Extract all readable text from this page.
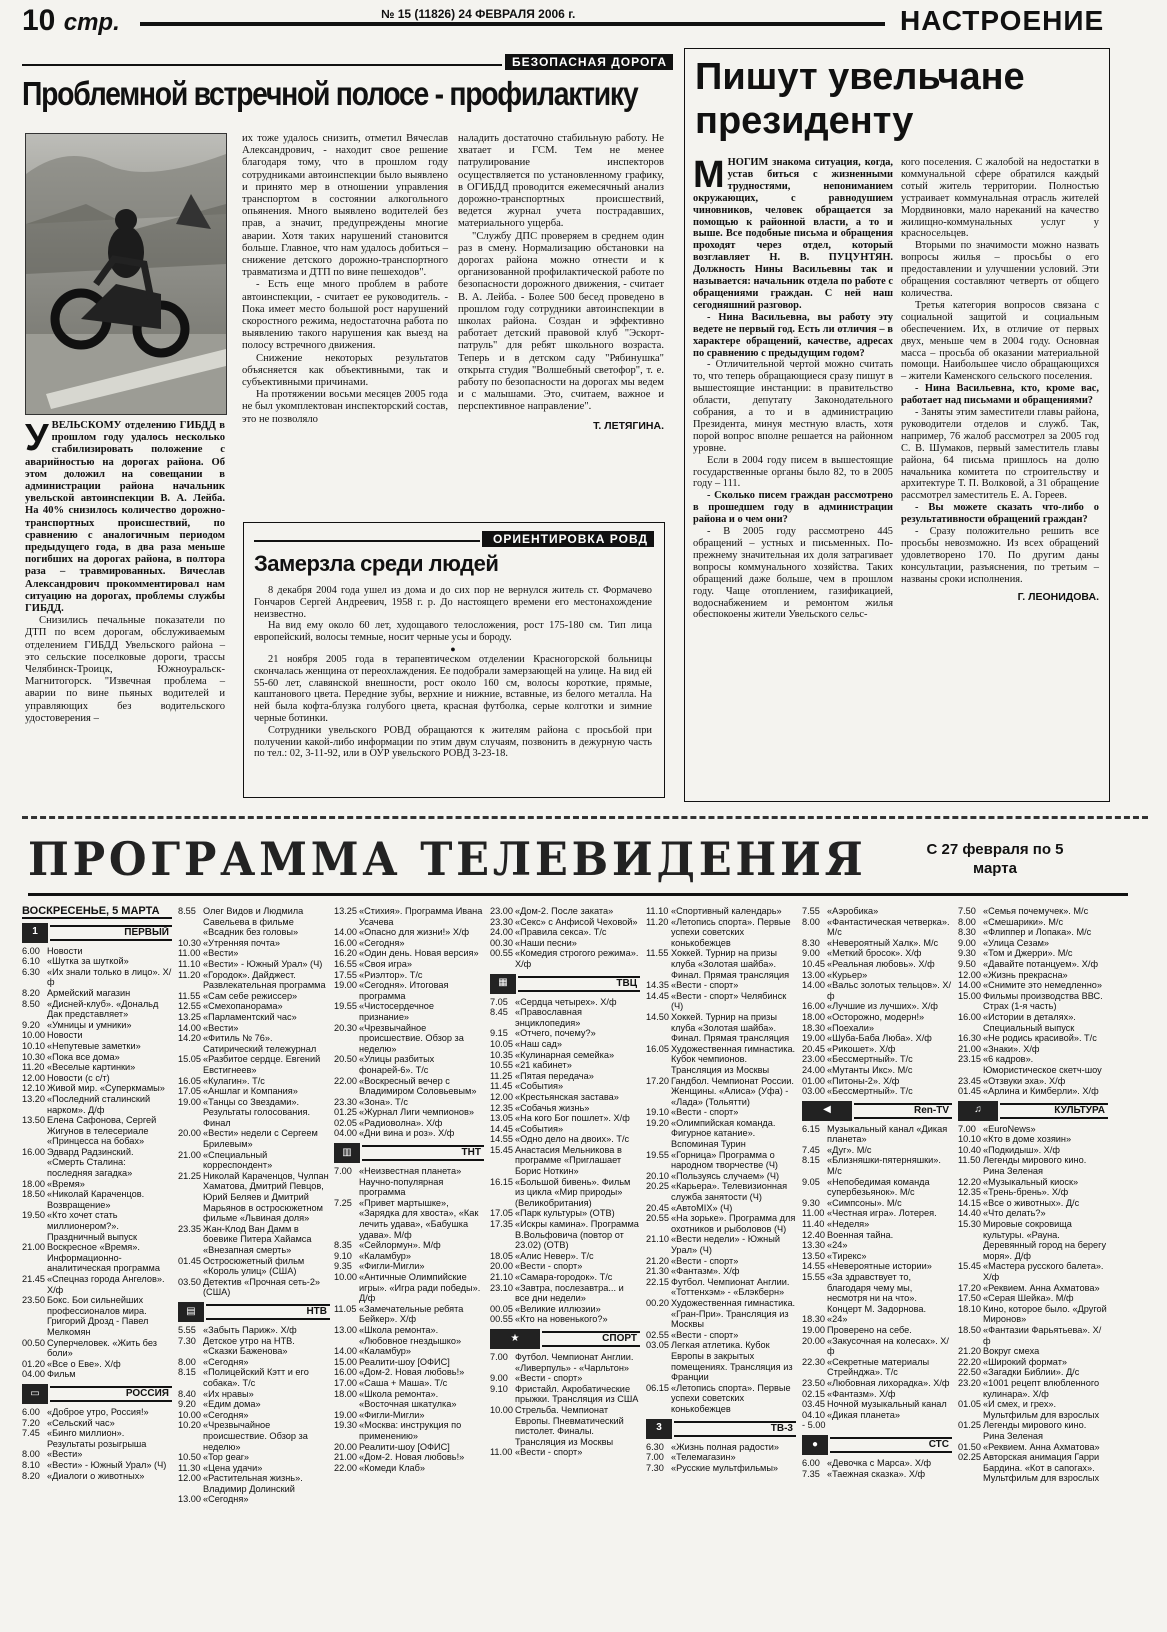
10 стр.	№ 15 (11826) 24 ФЕВРАЛЯ 2006 г.	НАСТРОЕНИЕ
БЕЗОПАСНАЯ ДОРОГА
Проблемной встречной полосе - профилактику

УВЕЛЬСКОМУ отделению ГИБДД в прошлом году удалось несколько стабилизировать положение с аварийностью на дорогах района. Об этом доложил на совещании в администрации района начальник увельской автоинспекции В. А. Лейба. На 40% снизилось количество дорожно-транспортных происшествий, по сравнению с аналогичным периодом предыдущего года, в два раза меньше погибших на дорогах района, в полтора раза – травмированных. Вячеслав Александрович прокомментировал нам ситуацию на дорогах, проблемы службы ГИБДД.

Снизились печальные показатели по ДТП по всем дорогам, обслуживаемым отделением ГИБДД Увельского района – это сельские поселковые дороги, трассы Челябинск-Троицк, Южноуральск-Магнитогорск. "Извечная проблема – аварии по вине пьяных водителей и управляющих без водительского удостоверения –

их тоже удалось снизить, отметил Вячеслав Александрович, - находит свое решение благодаря тому, что в прошлом году сотрудниками автоинспекции было выявлено и принято мер в отношении управления транспортом в состоянии алкогольного опьянения. Много выявлено водителей без прав, а значит, предупреждены многие аварии. Хотя таких нарушений становится больше. Главное, что нам удалось добиться – снижение детского дорожно-транспортного травматизма и ДТП по вине пешеходов".

- Есть еще много проблем в работе автоинспекции, - считает ее руководитель. - Пока имеет место большой рост нарушений скоростного режима, недостаточна работа по выявлению такого нарушения как выезд на полосу встречного движения.

Снижение некоторых результатов объясняется как объективными, так и субъективными причинами.

На протяжении восьми месяцев 2005 года не был укомплектован инспекторский состав, это не позволяло

наладить достаточно стабильную работу. Не хватает и ГСМ. Тем не менее патрулирование инспекторов осуществляется по установленному графику, в ОГИБДД проводится ежемесячный анализ дорожно-транспортных происшествий, ведется журнал учета пострадавших, материального ущерба.

"Службу ДПС проверяем в среднем один раз в смену. Нормализацию обстановки на дорогах района можно отнести и к организованной профилактической работе по безопасности дорожного движения, - считает В. А. Лейба. - Более 500 бесед проведено в прошлом году сотрудники автоинспекции в школах района. Создан и эффективно работает детский правовой клуб "Эскорт-патруль" для ребят школьного возраста. Теперь и в детском саду "Рябинушка" открыта студия "Волшебный светофор", т. е. работу по безопасности на дорогах мы ведем и с малышами. Это, считаем, важное и перспективное направление".

Т. ЛЕТЯГИНА.
ОРИЕНТИРОВКА РОВД
Замерзла среди людей

8 декабря 2004 года ушел из дома и до сих пор не вернулся житель ст. Формачево Гончаров Сергей Андреевич, 1958 г. р. До настоящего времени его местонахождение неизвестно.

На вид ему около 60 лет, худощавого телосложения, рост 175-180 см. Тип лица европейский, волосы темные, носит черные усы и бороду.

●

21 ноября 2005 года в терапевтическом отделении Красногорской больницы скончалась женщина от переохлаждения. Ее подобрали замерзающей на улице. На вид ей 55-60 лет, славянской внешности, рост около 160 см, волосы короткие, прямые, каштанового цвета. Передние зубы, верхние и нижние, вставные, из белого металла. На ней была кофта-блузка голубого цвета, красная футболка, серые колготки и зимние черные ботинки.

Сотрудники увельского РОВД обращаются к жителям района с просьбой при получении какой-либо информации по этим двум случаям, позвонить в дежурную часть по тел.: 02, 3-11-92, или в ОУР увельского РОВД 3-23-18.

Пишут увельчане
президенту

МНОГИМ знакома ситуация, когда, устав биться с жизненными трудностями, непониманием окружающих, с равнодушием чиновников, человек обращается за помощью к районной власти, а то и выше. Все подобные письма и обращения проходят через отдел, который возглавляет Н. В. ПУЦУНТЯН. Должность Нины Васильевны так и называется: начальник отдела по работе с обращениями граждан. С ней наш сегодняшний разговор.

- Нина Васильевна, вы работу эту ведете не первый год. Есть ли отличия – в характере обращений, качестве, адресах по сравнению с предыдущим годом?

- Отличительной чертой можно считать то, что теперь обращающиеся сразу пишут в вышестоящие инстанции: в правительство области, депутату Законодательного собрания, а то и в администрацию Президента, минуя местную власть, хотя порой вопрос вполне решается на районном уровне.

Если в 2004 году писем в вышестоящие государственные органы было 82, то в 2005 году – 111.

- Сколько писем граждан рассмотрено в прошедшем году в администрации района и о чем они?

- В 2005 году рассмотрено 445 обращений – устных и письменных. По-прежнему значительная их доля затрагивает вопросы коммунального хозяйства. Таких обращений даже больше, чем в прошлом году. Чаще отоплением, газификацией, водоснабжением и ремонтом жилья обеспокоены жители Увельского сельс-

кого поселения. С жалобой на недостатки в коммунальной сфере обратился каждый сотый житель территории. Полностью устраивает коммунальная отрасль жителей Мордвиновки, мало нареканий на качество жилищно-коммунальных услуг у красносельцев.

Вторыми по значимости можно назвать вопросы жилья – просьбы о его предоставлении и улучшении условий. Эти обращения составляют четверть от общего количества.

Третья категория вопросов связана с социальной защитой и социальным обеспечением. Их, в отличие от первых двух, меньше чем в 2004 году. Основная масса – просьба об оказании материальной помощи. Наибольшее число обращающихся – жители Каменского сельского поселения.

- Нина Васильевна, кто, кроме вас, работает над письмами и обращениями?

- Заняты этим заместители главы района, руководители отделов и служб. Так, например, 76 жалоб рассмотрел за 2005 год С. В. Шумаков, первый заместитель главы района, 64 письма пришлось на долю начальника комитета по строительству и архитектуре Т. П. Волковой, а 31 обращение рассмотрел заместитель Е. А. Гореев.

- Вы можете сказать что-либо о результативности обращений граждан?

- Сразу положительно решить все просьбы невозможно. Из всех обращений удовлетворено 170. По другим даны консультации, разъяснения, по третьим – названы сроки исполнения.

Г. ЛЕОНИДОВА.
ПРОГРАММА ТЕЛЕВИДЕНИЯ	С 27 февраля по 5 марта
ВОСКРЕСЕНЬЕ, 5 МАРТА
1	ПЕРВЫЙ
6.00 Новости
6.10 «Шутка за шуткой»
6.30 «Их знали только в лицо». Х/ф
8.20 Армейский магазин
8.50 «Дисней-клуб». «Дональд Дак представляет»
9.20 «Умницы и умники»
10.00 Новости
10.10 «Непутевые заметки»
10.30 «Пока все дома»
11.20 «Веселые картинки»
12.00 Новости (с с/т)
12.10 Живой мир. «Суперкмамы»
13.20 «Последний сталинский нарком». Д/ф
13.50 Елена Сафонова, Сергей Жигунов в телесериале «Принцесса на бобах»
16.00 Эдвард Радзинский. «Смерть Сталина: последняя загадка»
18.00 «Время»
18.50 «Николай Караченцов. Возвращение»
19.50 «Кто хочет стать миллионером?». Праздничный выпуск
21.00 Воскресное «Время». Информационно-аналитическая программа
21.45 «Спецназ города Ангелов». Х/ф
23.50 Бокс. Бои сильнейших профессионалов мира. Григорий Дрозд - Павел Мелкомян
00.50 Суперчеловек. «Жить без боли»
01.20 «Все о Еве». Х/ф
04.00 Фильм
▭	РОССИЯ
6.00 «Доброе утро, Россия!»
7.20 «Сельский час»
7.45 «Бинго миллион». Результаты розыгрыша
8.00 «Вести»
8.10 «Вести» - Южный Урал» (Ч)
8.20 «Диалоги о животных»
8.55 Олег Видов и Людмила Савельева в фильме «Всадник без головы»
10.30 «Утренняя почта»
11.00 «Вести»
11.10 «Вести» - Южный Урал» (Ч)
11.20 «Городок». Дайджест. Развлекательная программа
11.55 «Сам себе режиссер»
12.55 «Смехопанорама»
13.25 «Парламентский час»
14.00 «Вести»
14.20 «Фитиль № 76». Сатирический тележурнал
15.05 «Разбитое сердце. Евгений Евстигнеев»
16.05 «Кулагин». Т/с
17.05 «Аншлаг и Компания»
19.00 «Танцы со Звездами». Результаты голосования. Финал
20.00 «Вести» недели с Сергеем Брилевым»
21.00 «Специальный корреспондент»
21.25 Николай Караченцов, Чулпан Хаматова, Дмитрий Певцов, Юрий Беляев и Дмитрий Марьянов в остросюжетном фильме «Львиная доля»
23.35 Жан-Клод Ван Дамм в боевике Питера Хайамса «Внезапная смерть»
01.45 Остросюжетный фильм «Король улиц» (США)
03.50 Детектив «Прочная сеть-2» (США)
▤	НТВ
5.55 «Забыть Париж». Х/ф
7.30 Детское утро на НТВ. «Сказки Баженова»
8.00 «Сегодня»
8.15 «Полицейский Кэтт и его собака». Т/с
8.40 «Их нравы»
9.20 «Едим дома»
10.00 «Сегодня»
10.20 «Чрезвычайное происшествие. Обзор за неделю»
10.50 «Top gear»
11.30 «Цена удачи»
12.00 «Растительная жизнь». Владимир Долинский
13.00 «Сегодня»
13.25 «Стихия». Программа Ивана Усачева
14.00 «Опасно для жизни!» Х/ф
16.00 «Сегодня»
16.20 «Один день. Новая версия»
16.55 «Своя игра»
17.55 «Риэлтор». Т/с
19.00 «Сегодня». Итоговая программа
19.55 «Чистосердечное признание»
20.30 «Чрезвычайное происшествие. Обзор за неделю»
20.50 «Улицы разбитых фонарей-6». Т/с
22.00 «Воскресный вечер с Владимиром Соловьевым»
23.30 «Зона». Т/с
01.25 «Журнал Лиги чемпионов»
02.05 «Радиоволна». Х/ф
04.00 «Дни вина и роз». Х/ф
▥	ТНТ
7.00 «Неизвестная планета» Научно-популярная программа
7.25 «Привет мартышке», «Зарядка для хвоста», «Как лечить удава», «Бабушка удава». М/ф
8.35 «Сейлормун». М/ф
9.10 «Каламбур»
9.35 «Фигли-Мигли»
10.00 «Античные Олимпийские игры». «Игра ради победы». Д/ф
11.05 «Замечательные ребята Бейкер». Х/ф
13.00 «Школа ремонта». «Любовное гнездышко»
14.00 «Каламбур»
15.00 Реалити-шоу [ОФИС]
16.00 «Дом-2. Новая любовь!»
17.00 «Саша + Маша». Т/с
18.00 «Школа ремонта». «Восточная шкатулка»
19.00 «Фигли-Мигли»
19.30 «Москва: инструкция по применению»
20.00 Реалити-шоу [ОФИС]
21.00 «Дом-2. Новая любовь!»
22.00 «Комеди Клаб»
23.00 «Дом-2. После заката»
23.30 «Секс» с Анфисой Чеховой»
24.00 «Правила секса». Т/с
00.30 «Наши песни»
00.55 «Комедия строгого режима». Х/ф
▦	ТВЦ
7.05 «Сердца четырех». Х/ф
8.45 «Православная энциклопедия»
9.15 «Отчего, почему?»
10.05 «Наш сад»
10.35 «Кулинарная семейка»
10.55 «21 кабинет»
11.25 «Пятая передача»
11.45 «События»
12.00 «Крестьянская застава»
12.35 «Собачья жизнь»
13.05 «На кого Бог пошлет». Х/ф
14.45 «События»
14.55 «Одно дело на двоих». Т/с
15.45 Анастасия Мельникова в программе «Приглашает Борис Ноткин»
16.15 «Большой бивень». Фильм из цикла «Мир природы» (Великобритания)
17.05 «Парк культуры» (ОТВ)
17.35 «Искры камина». Программа В.Вольфовича (повтор от 23.02) (ОТВ)
18.05 «Алис Невер». Т/с
20.00 «Вести - спорт»
21.10 «Самара-городок». Т/с
23.10 «Завтра, послезавтра... и все дни недели»
00.05 «Великие иллюзии»
00.55 «Кто на новенького?»
★	СПОРТ
7.00 Футбол. Чемпионат Англии. «Ливерпуль» - «Чарльтон»
9.00 «Вести - спорт»
9.10 Фристайл. Акробатические прыжки. Трансляция из США
10.00 Стрельба. Чемпионат Европы. Пневматический пистолет. Финалы. Трансляция из Москвы
11.00 «Вести - спорт»
11.10 «Спортивный календарь»
11.20 «Летопись спорта». Первые успехи советских конькобежцев
11.55 Хоккей. Турнир на призы клуба «Золотая шайба». Финал. Прямая трансляция
14.35 «Вести - спорт»
14.45 «Вести - спорт» Челябинск (Ч)
14.50 Хоккей. Турнир на призы клуба «Золотая шайба». Финал. Прямая трансляция
16.05 Художественная гимнастика. Кубок чемпионов. Трансляция из Москвы
17.20 Гандбол. Чемпионат России. Женщины. «Алиса» (Уфа) - «Лада» (Тольятти)
19.10 «Вести - спорт»
19.20 «Олимпийская команда. Фигурное катание». Вспоминая Турин
19.55 «Горница» Программа о народном творчестве (Ч)
20.10 «Пользуясь случаем» (Ч)
20.25 «Карьера». Телевизионная служба занятости (Ч)
20.45 «АвтоMIX» (Ч)
20.55 «На зорьке». Программа для охотников и рыболовов (Ч)
21.10 «Вести недели» - Южный Урал» (Ч)
21.20 «Вести - спорт»
21.30 «Фантазм». Х/ф
22.15 Футбол. Чемпионат Англии. «Тоттенхэм» - «Блэкберн»
00.20 Художественная гимнастика. «Гран-При». Трансляция из Москвы
02.55 «Вести - спорт»
03.05 Легкая атлетика. Кубок Европы в закрытых помещениях. Трансляция из Франции
06.15 «Летопись спорта». Первые успехи советских конькобежцев
3	ТВ-3
6.30 «Жизнь полная радости»
7.00 «Телемагазин»
7.30 «Русские мультфильмы»
7.55 «Аэробика»
8.00 «Фантастическая четверка». М/с
8.30 «Невероятный Халк». М/с
9.00 «Меткий бросок». Х/ф
10.45 «Реальная любовь». Х/ф
13.00 «Курьер»
14.00 «Вальс золотых тельцов». Х/ф
16.00 «Лучшие из лучших». Х/ф
18.00 «Осторожно, модерн!»
18.30 «Поехали»
19.00 «Шуба-Баба Люба». Х/ф
20.45 «Рикошет». Х/ф
23.00 «Бессмертный». Т/с
24.00 «Мутанты Икс». М/с
01.00 «Питоны-2». Х/ф
03.00 «Бессмертный». Т/с
◀	Ren-TV
6.15 Музыкальный канал «Дикая планета»
7.45 «Дуг». М/с
8.15 «Близняшки-пятерняшки». М/с
9.05 «Непобедимая команда супербезьянок». М/с
9.30 «Симпсоны». М/с
11.00 «Честная игра». Лотерея.
11.40 «Неделя»
12.40 Военная тайна.
13.30 «24»
13.50 «Тирекс»
14.55 «Невероятные истории»
15.55 «За здравствует то, благодаря чему мы, несмотря ни на что». Концерт М. Задорнова.
18.30 «24»
19.00 Проверено на себе.
20.00 «Закусочная на колесах». Х/ф
22.30 «Секретные материалы Стрейнджа». Т/с
23.50 «Любовная лихорадка». Х/ф
02.15 «Фантазм». Х/ф
03.45 Ночной музыкальный канал
04.10 - 5.00
«Дикая планета»
●	СТС
6.00 «Девочка с Марса». Х/ф
7.35 «Таежная сказка». Х/ф
7.50 «Семья почемучек». М/с
8.00 «Смешарики». М/с
8.30 «Флиппер и Лопака». М/с
9.00 «Улица Сезам»
9.30 «Том и Джерри». М/с
9.50 «Давайте потанцуем». Х/ф
12.00 «Жизнь прекрасна»
14.00 «Снимите это немедленно»
15.00 Фильмы производства ВВС. Страх (1-я часть)
16.00 «Истории в деталях». Специальный выпуск
16.30 «Не родись красивой». Т/с
21.00 «Знаки». Х/ф
23.15 «6 кадров». Юмористическое скетч-шоу
23.45 «Отзвуки эха». Х/ф
01.45 «Арлина и Кимберли». Х/ф
♫	КУЛЬТУРА
7.00 «EuroNews»
10.10 «Кто в доме хозяин»
10.40 «Подкидыш». Х/ф
11.50 Легенды мирового кино. Рина Зеленая
12.20 «Музыкальный киоск»
12.35 «Трень-брень». Х/ф
14.15 «Все о животных». Д/с
14.40 «Что делать?»
15.30 Мировые сокровища культуры. «Рауна. Деревянный город на берегу моря». Д/ф
15.45 «Мастера русского балета». Х/ф
17.20 «Реквием. Анна Ахматова»
17.50 «Серая Шейка». М/ф
18.10 Кино, которое было. «Другой Миронов»
18.50 «Фантазии Фарьятьева». Х/ф
21.20 Вокруг смеха
22.20 «Широкий формат»
22.50 «Загадки Библии». Д/с
23.20 «1001 рецепт влюбленного кулинара». Х/ф
01.05 «И смех, и грех». Мультфильм для взрослых
01.25 Легенды мирового кино. Рина Зеленая
01.50 «Реквием. Анна Ахматова»
02.25 Авторская анимация Гарри Бардина. «Кот в сапогах». Мультфильм для взрослых
